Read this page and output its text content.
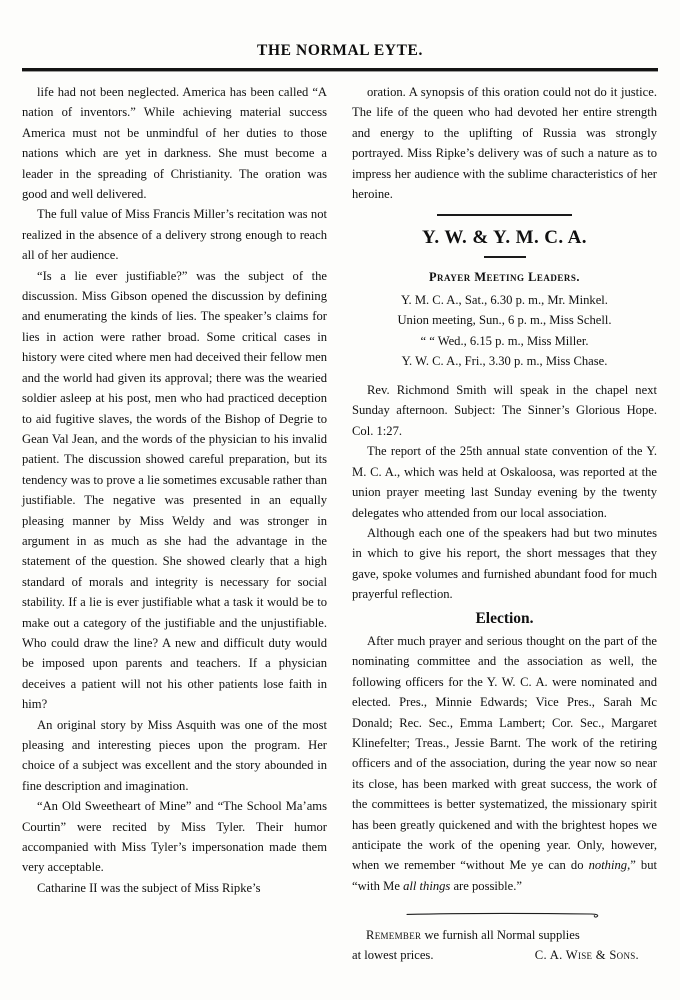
THE NORMAL EYTE.

life had not been neglected. America has been called “A nation of inventors.” While achieving material success America must not be unmindful of her duties to those nations which are yet in darkness. She must become a leader in the spreading of Christianity. The oration was good and well delivered.

The full value of Miss Francis Miller’s recitation was not realized in the absence of a delivery strong enough to reach all of her audience.

“Is a lie ever justifiable?” was the subject of the discussion. Miss Gibson opened the discussion by defining and enumerating the kinds of lies. The speaker’s claims for lies in action were rather broad. Some critical cases in history were cited where men had deceived their fellow men and the world had given its approval; there was the wearied soldier asleep at his post, men who had practiced deception to aid fugitive slaves, the words of the Bishop of Degrie to Gean Val Jean, and the words of the physician to his invalid patient. The discussion showed careful preparation, but its tendency was to prove a lie sometimes excusable rather than justifiable. The negative was presented in an equally pleasing manner by Miss Weldy and was stronger in argument in as much as she had the advantage in the statement of the question. She showed clearly that a high standard of morals and integrity is necessary for social stability. If a lie is ever justifiable what a task it would be to make out a category of the justifiable and the unjustifiable. Who could draw the line? A new and difficult duty would be imposed upon parents and teachers. If a physician deceives a patient will not his other patients lose faith in him?

An original story by Miss Asquith was one of the most pleasing and interesting pieces upon the program. Her choice of a subject was excellent and the story abounded in fine description and imagination.

“An Old Sweetheart of Mine” and “The School Ma’ams Courtin” were recited by Miss Tyler. Their humor accompanied with Miss Tyler’s impersonation made them very acceptable.

Catharine II was the subject of Miss Ripke’s

oration. A synopsis of this oration could not do it justice. The life of the queen who had devoted her entire strength and energy to the uplifting of Russia was strongly portrayed. Miss Ripke’s delivery was of such a nature as to impress her audience with the sublime characteristics of her heroine.

Y. W. & Y. M. C. A.
Prayer Meeting Leaders.
Y. M. C. A., Sat., 6.30 p. m., Mr. Minkel.
Union meeting, Sun., 6 p. m., Miss Schell.
“ “ Wed., 6.15 p. m., Miss Miller.
Y. W. C. A., Fri., 3.30 p. m., Miss Chase.

Rev. Richmond Smith will speak in the chapel next Sunday afternoon. Subject: The Sinner’s Glorious Hope. Col. 1:27.

The report of the 25th annual state convention of the Y. M. C. A., which was held at Oskaloosa, was reported at the union prayer meeting last Sunday evening by the twenty delegates who attended from our local association.

Although each one of the speakers had but two minutes in which to give his report, the short messages that they gave, spoke volumes and furnished abundant food for much prayerful reflection.

Election.

After much prayer and serious thought on the part of the nominating committee and the association as well, the following officers for the Y. W. C. A. were nominated and elected. Pres., Minnie Edwards; Vice Pres., Sarah Mc Donald; Rec. Sec., Emma Lambert; Cor. Sec., Margaret Klinefelter; Treas., Jessie Barnt. The work of the retiring officers and of the association, during the year now so near its close, has been marked with great success, the work of the committees is better systematized, the missionary spirit has been greatly quickened and with the brightest hopes we anticipate the work of the opening year. Only, however, when we remember “without Me ye can do nothing,” but “with Me all things are possible.”

Remember we furnish all Normal supplies
at lowest prices.	C. A. Wise & Sons.
